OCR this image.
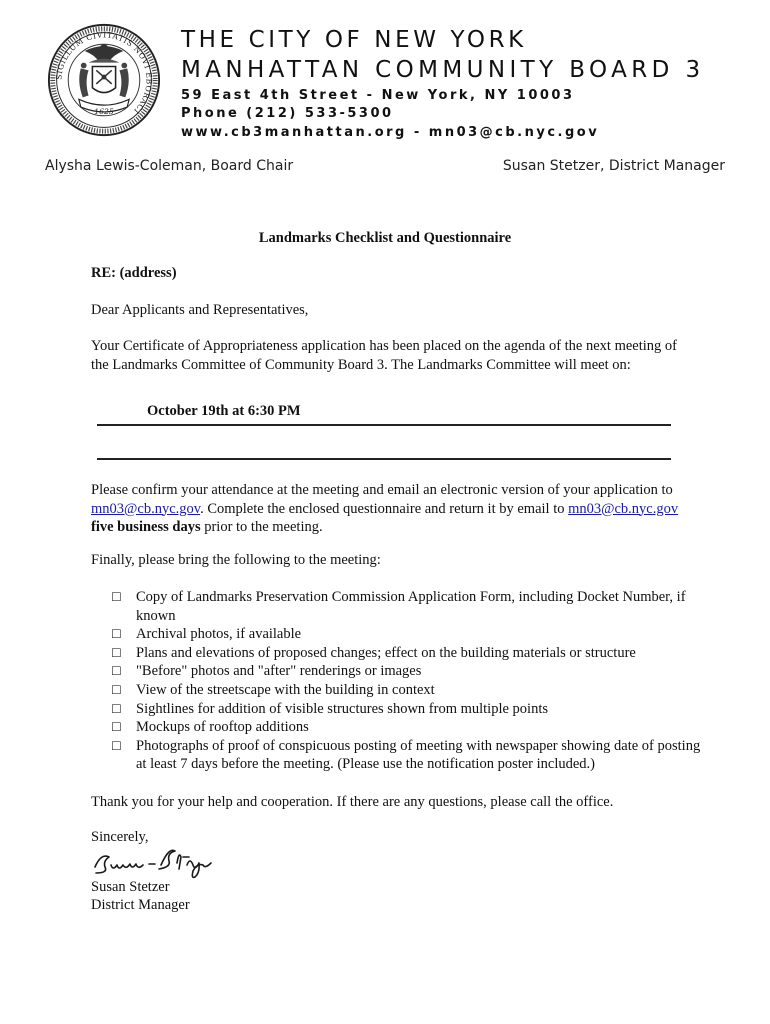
SIGILLUM CIVITATIS NOVI EBORACI
1625
THE CITY OF NEW YORK
MANHATTAN COMMUNITY BOARD 3
59 East 4th Street - New York, NY 10003
Phone (212) 533-5300
www.cb3manhattan.org - mn03@cb.nyc.gov
Alysha Lewis-Coleman, Board Chair	Susan Stetzer, District Manager
Landmarks Checklist and Questionnaire
RE: (address)
Dear Applicants and Representatives,
Your Certificate of Appropriateness application has been placed on the agenda of the next meeting of the Landmarks Committee of Community Board 3. The Landmarks Committee will meet on:
October 19th at 6:30 PM
Please confirm your attendance at the meeting and email an electronic version of your application to mn03@cb.nyc.gov. Complete the enclosed questionnaire and return it by email to mn03@cb.nyc.gov  five business days prior to the meeting.
Finally, please bring the following to the meeting:
☐ Copy of Landmarks Preservation Commission Application Form, including Docket Number, if known
☐ Archival photos, if available
☐ Plans and elevations of proposed changes; effect on the building materials or structure
☐ "Before" photos and "after" renderings or images
☐ View of the streetscape with the building in context
☐ Sightlines for addition of visible structures shown from multiple points
☐ Mockups of rooftop additions
☐ Photographs of proof of conspicuous posting of meeting with newspaper showing date of posting at least 7 days before the meeting. (Please use the notification poster included.)
Thank you for your help and cooperation. If there are any questions, please call the office.
Sincerely,
Susan Stetzer
District Manager
